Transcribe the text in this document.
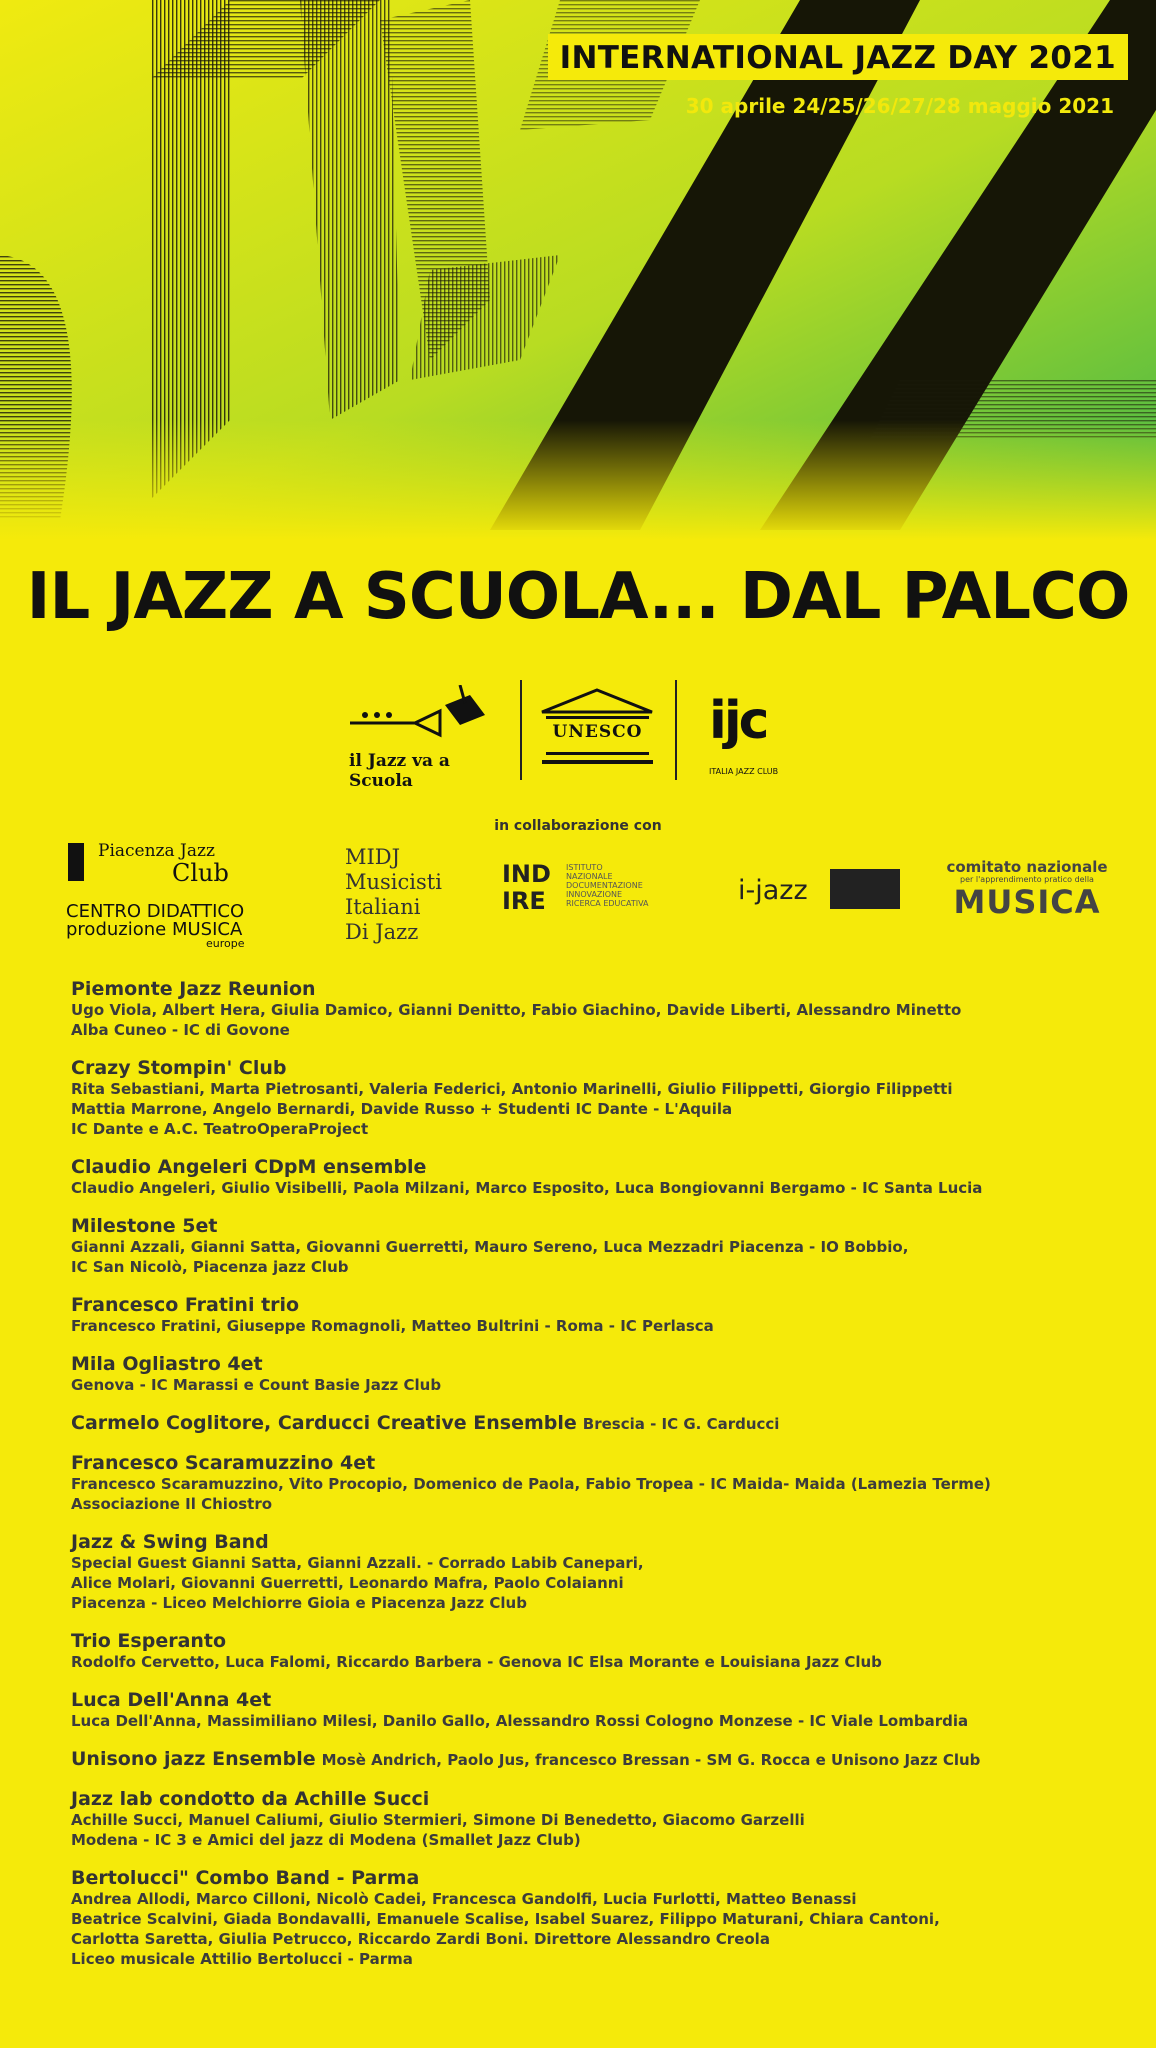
INTERNATIONAL JAZZ DAY 2021
30 aprile 24/25/26/27/28 maggio 2021
IL JAZZ A SCUOLA... DAL PALCO
il Jazz va a Scuola
UNESCO ijc
ITALIA JAZZ CLUB
in collaborazione con
Piacenza Jazz
Club
CENTRO DIDATTICO
produzione MUSICA
europe
MIDJ
Musicisti
Italiani
Di Jazz
IND
IRE
ISTITUTO
NAZIONALE
DOCUMENTAZIONE
INNOVAZIONE
RICERCA EDUCATIVA	i-jazz
comitato nazionale
per l'apprendimento pratico della
MUSICA
Piemonte Jazz Reunion
Ugo Viola, Albert Hera, Giulia Damico, Gianni Denitto, Fabio Giachino, Davide Liberti, Alessandro Minetto
Alba Cuneo - IC di Govone
Crazy Stompin' Club
Rita Sebastiani, Marta Pietrosanti, Valeria Federici, Antonio Marinelli, Giulio Filippetti, Giorgio Filippetti
Mattia Marrone, Angelo Bernardi, Davide Russo + Studenti IC Dante - L'Aquila
IC Dante e A.C. TeatroOperaProject
Claudio Angeleri CDpM ensemble
Claudio Angeleri, Giulio Visibelli, Paola Milzani, Marco Esposito, Luca Bongiovanni Bergamo - IC Santa Lucia
Milestone 5et
Gianni Azzali, Gianni Satta, Giovanni Guerretti, Mauro Sereno, Luca Mezzadri Piacenza - IO Bobbio,
IC San Nicolò, Piacenza jazz Club
Francesco Fratini trio
Francesco Fratini, Giuseppe Romagnoli, Matteo Bultrini - Roma - IC Perlasca
Mila Ogliastro 4et
Genova - IC Marassi e Count Basie Jazz Club
Carmelo Coglitore, Carducci Creative Ensemble Brescia - IC G. Carducci
Francesco Scaramuzzino 4et
Francesco Scaramuzzino, Vito Procopio, Domenico de Paola, Fabio Tropea - IC Maida- Maida (Lamezia Terme)
Associazione Il Chiostro
Jazz & Swing Band
Special Guest Gianni Satta, Gianni Azzali. - Corrado Labib Canepari,
Alice Molari, Giovanni Guerretti, Leonardo Mafra, Paolo Colaianni
Piacenza - Liceo Melchiorre Gioia e Piacenza Jazz Club
Trio Esperanto
Rodolfo Cervetto, Luca Falomi, Riccardo Barbera - Genova IC Elsa Morante e Louisiana Jazz Club
Luca Dell'Anna 4et
Luca Dell'Anna, Massimiliano Milesi, Danilo Gallo, Alessandro Rossi Cologno Monzese - IC Viale Lombardia
Unisono jazz Ensemble Mosè Andrich, Paolo Jus, francesco Bressan - SM G. Rocca e Unisono Jazz Club
Jazz lab condotto da Achille Succi
Achille Succi, Manuel Caliumi, Giulio Stermieri, Simone Di Benedetto, Giacomo Garzelli
Modena - IC 3 e Amici del jazz di Modena (Smallet Jazz Club)
Bertolucci" Combo Band - Parma
Andrea Allodi, Marco Cilloni, Nicolò Cadei, Francesca Gandolfi, Lucia Furlotti, Matteo Benassi
Beatrice Scalvini, Giada Bondavalli, Emanuele Scalise, Isabel Suarez, Filippo Maturani, Chiara Cantoni,
Carlotta Saretta, Giulia Petrucco, Riccardo Zardi Boni. Direttore Alessandro Creola
Liceo musicale Attilio Bertolucci - Parma
